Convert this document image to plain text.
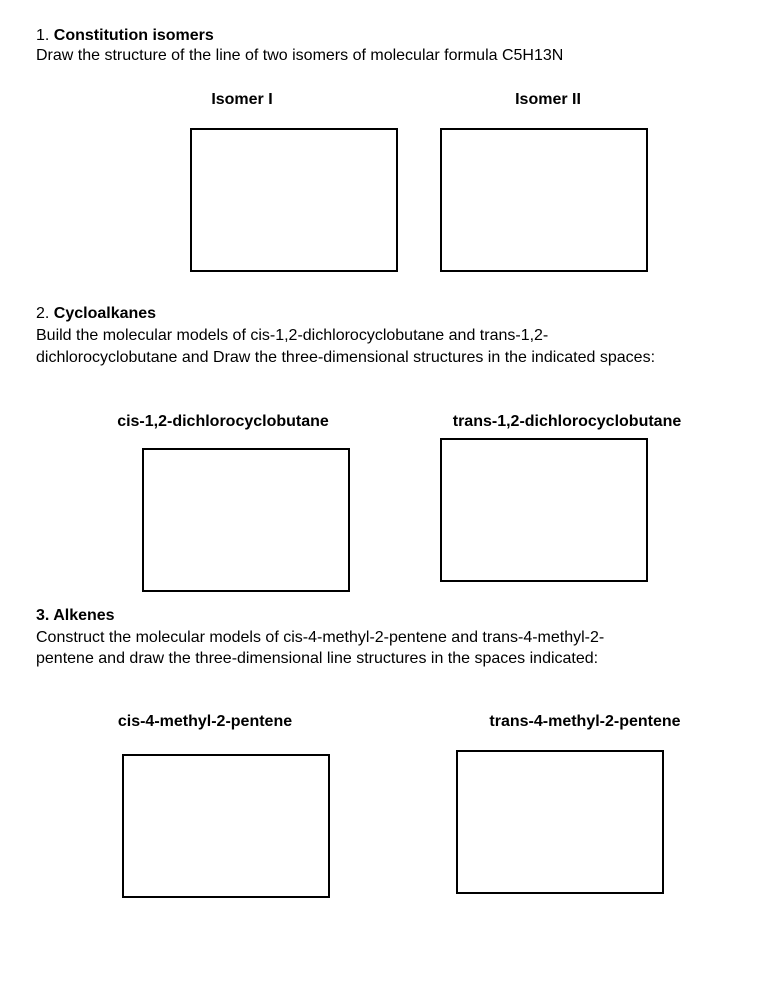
1. Constitution isomers
Draw the structure of the line of two isomers of molecular formula C5H13N
Isomer I	Isomer II
2. Cycloalkanes
Build the molecular models of cis-1,2-dichlorocyclobutane and trans-1,2-
dichlorocyclobutane and Draw the three-dimensional structures in the indicated spaces:
cis-1,2-dichlorocyclobutane	trans-1,2-dichlorocyclobutane
3. Alkenes
Construct the molecular models of cis-4-methyl-2-pentene and trans-4-methyl-2-
pentene and draw the three-dimensional line structures in the spaces indicated:
cis-4-methyl-2-pentene	trans-4-methyl-2-pentene
